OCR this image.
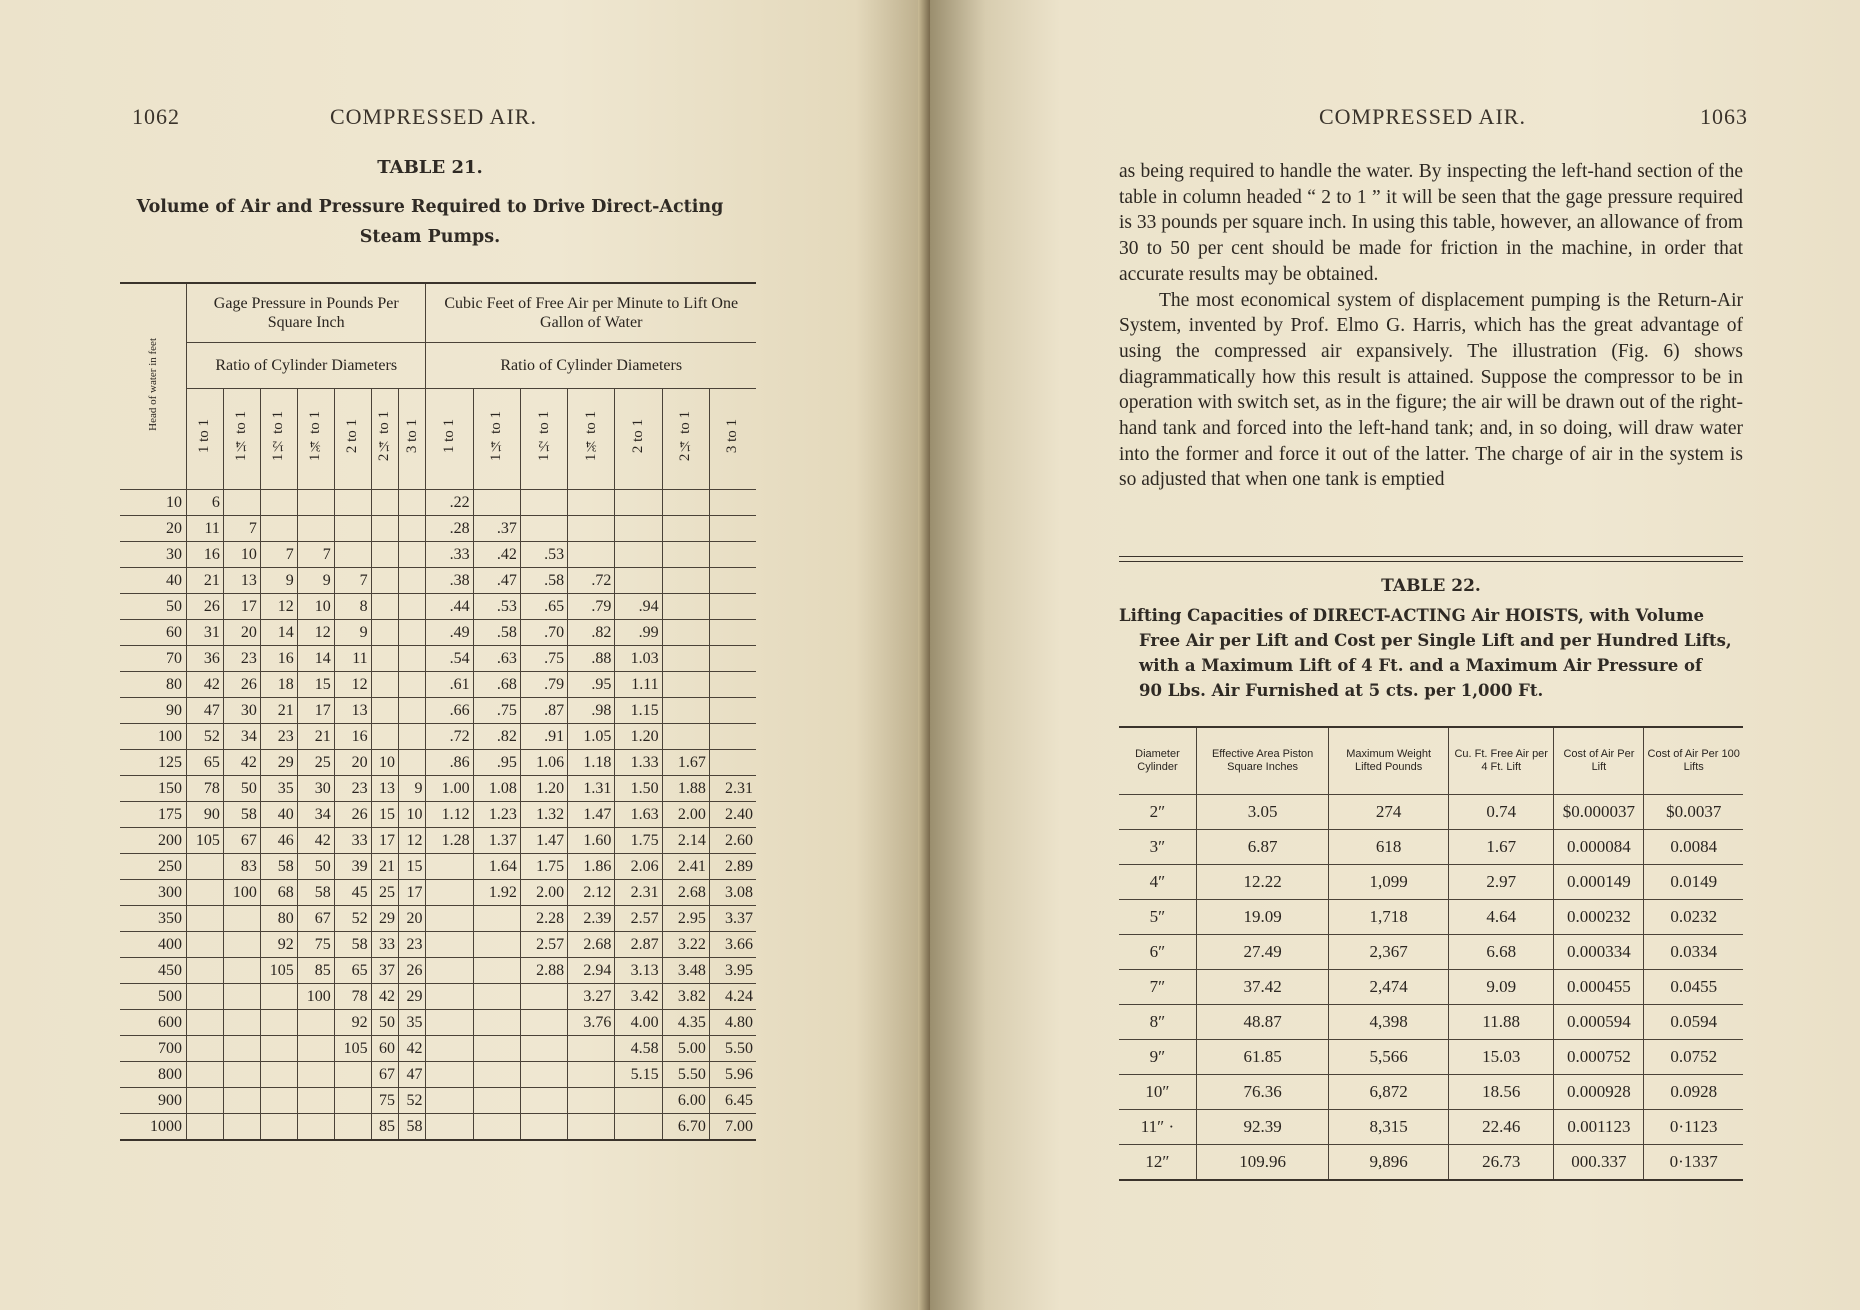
1062	COMPRESSED AIR.
TABLE 21.
Volume of Air and Pressure Required to Drive Direct-Acting
Steam Pumps.
Head of water in feet	Gage Pressure in Pounds Per Square Inch							Cubic Feet of Free Air per Minute to Lift One Gallon of Water						
	Ratio of Cylinder Diameters							Ratio of Cylinder Diameters						
	1 to 1	1¼ to 1	1½ to 1	1¾ to 1	2 to 1	2¼ to 1	3 to 1	1 to 1	1¼ to 1	1½ to 1	1¾ to 1	2 to 1	2¼ to 1	3 to 1
10	6							.22						
20	11	7						.28	.37					
30	16	10	7	7				.33	.42	.53				
40	21	13	9	9	7			.38	.47	.58	.72			
50	26	17	12	10	8			.44	.53	.65	.79	.94		
60	31	20	14	12	9			.49	.58	.70	.82	.99		
70	36	23	16	14	11			.54	.63	.75	.88	1.03		
80	42	26	18	15	12			.61	.68	.79	.95	1.11		
90	47	30	21	17	13			.66	.75	.87	.98	1.15		
100	52	34	23	21	16			.72	.82	.91	1.05	1.20		
125	65	42	29	25	20	10		.86	.95	1.06	1.18	1.33	1.67	
150	78	50	35	30	23	13	9	1.00	1.08	1.20	1.31	1.50	1.88	2.31
175	90	58	40	34	26	15	10	1.12	1.23	1.32	1.47	1.63	2.00	2.40
200	105	67	46	42	33	17	12	1.28	1.37	1.47	1.60	1.75	2.14	2.60
250		83	58	50	39	21	15		1.64	1.75	1.86	2.06	2.41	2.89
300		100	68	58	45	25	17		1.92	2.00	2.12	2.31	2.68	3.08
350			80	67	52	29	20			2.28	2.39	2.57	2.95	3.37
400			92	75	58	33	23			2.57	2.68	2.87	3.22	3.66
450			105	85	65	37	26			2.88	2.94	3.13	3.48	3.95
500				100	78	42	29				3.27	3.42	3.82	4.24
600					92	50	35				3.76	4.00	4.35	4.80
700					105	60	42					4.58	5.00	5.50
800						67	47					5.15	5.50	5.96
900						75	52						6.00	6.45
1000						85	58						6.70	7.00
COMPRESSED AIR.	1063

as being required to handle the water. By inspecting the left-hand section of the table in column headed “ 2 to 1 ” it will be seen that the gage pressure required is 33 pounds per square inch. In using this table, however, an allowance of from 30 to 50 per cent should be made for friction in the machine, in order that accurate results may be obtained.

The most economical system of displacement pumping is the Return-Air System, invented by Prof. Elmo G. Harris, which has the great advantage of using the compressed air expansively. The illustration (Fig. 6) shows diagrammatically how this result is attained. Suppose the compressor to be in operation with switch set, as in the figure; the air will be drawn out of the right-hand tank and forced into the left-hand tank; and, in so doing, will draw water into the former and force it out of the latter. The charge of air in the system is so adjusted that when one tank is emptied

TABLE 22.
Lifting Capacities of DIRECT-ACTING Air HOISTS, with Volume
Free Air per Lift and Cost per Single Lift and per Hundred Lifts,
with a Maximum Lift of 4 Ft. and a Maximum Air Pressure of
90 Lbs. Air Furnished at 5 cts. per 1,000 Ft.
Diameter Cylinder	Effective Area Piston Square Inches	Maximum Weight Lifted Pounds	Cu. Ft. Free Air per 4 Ft. Lift	Cost of Air Per Lift	Cost of Air Per 100 Lifts
2″	3.05	274	0.74	$0.000037	$0.0037
3″	6.87	618	1.67	0.000084	0.0084
4″	12.22	1,099	2.97	0.000149	0.0149
5″	19.09	1,718	4.64	0.000232	0.0232
6″	27.49	2,367	6.68	0.000334	0.0334
7″	37.42	2,474	9.09	0.000455	0.0455
8″	48.87	4,398	11.88	0.000594	0.0594
9″	61.85	5,566	15.03	0.000752	0.0752
10″	76.36	6,872	18.56	0.000928	0.0928
11″ ·	92.39	8,315	22.46	0.001123	0·1123
12″	109.96	9,896	26.73	000.337	0·1337
